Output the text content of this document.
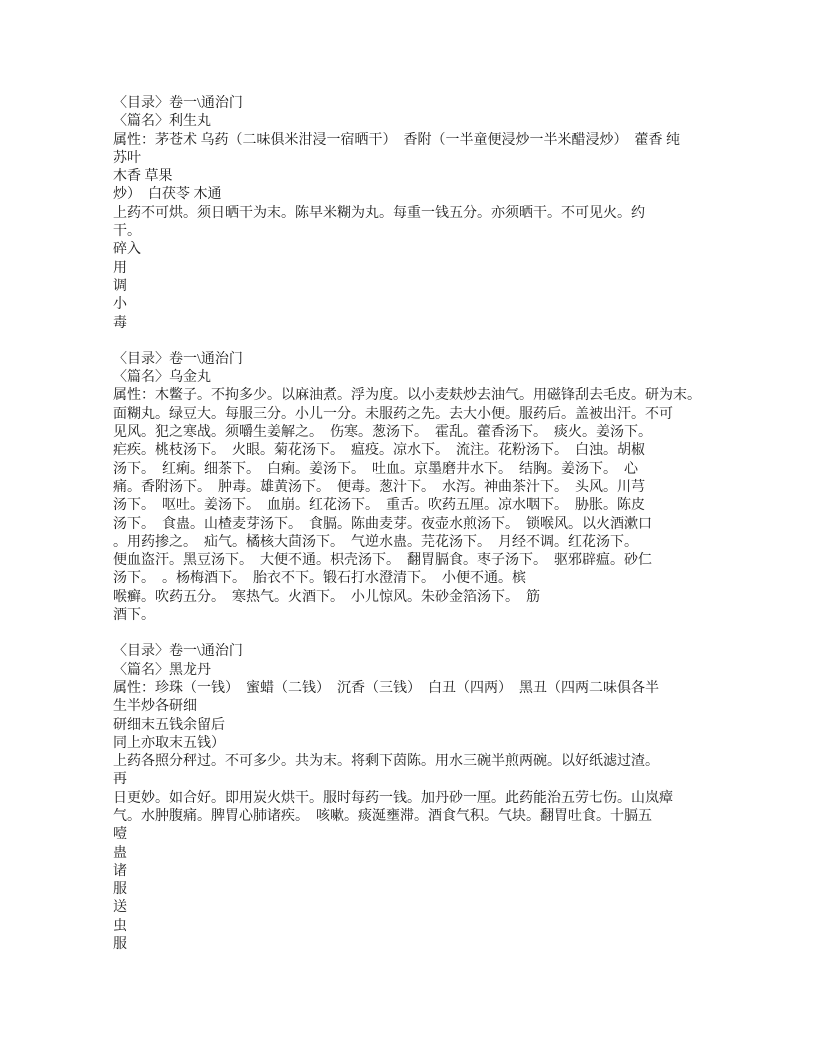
〈目录〉卷一\通治门

〈篇名〉利生丸

属性：茅苍术 乌药（二味俱米泔浸一宿晒干）  香附（一半童便浸炒一半米醋浸炒）  藿香 纯

苏叶

木香 草果

炒）  白茯苓 木通

上药不可烘。须日晒干为末。陈早米糊为丸。每重一钱五分。亦须晒干。不可见火。约

干。

碎入

用

调

小

毒

〈目录〉卷一\通治门

〈篇名〉乌金丸

属性：木鳖子。不拘多少。以麻油煮。浮为度。以小麦麸炒去油气。用磁锋刮去毛皮。研为末。

面糊丸。绿豆大。每服三分。小儿一分。未服药之先。去大小便。服药后。盖被出汗。不可

见风。犯之寒战。须嚼生姜解之。  伤寒。葱汤下。  霍乱。藿香汤下。  痰火。姜汤下。

疟疾。桃枝汤下。  火眼。菊花汤下。  瘟疫。凉水下。  流注。花粉汤下。  白浊。胡椒

汤下。  红痢。细茶下。  白痢。姜汤下。  吐血。京墨磨井水下。  结胸。姜汤下。  心

痛。香附汤下。  肿毒。雄黄汤下。  便毒。葱汁下。  水泻。神曲茶汁下。  头风。川芎

汤下。  呕吐。姜汤下。  血崩。红花汤下。  重舌。吹药五厘。凉水咽下。  胁胀。陈皮

汤下。  食蛊。山楂麦芽汤下。  食膈。陈曲麦芽。夜壶水煎汤下。  锁喉风。以火酒漱口

。用药掺之。  疝气。橘核大茴汤下。  气逆水蛊。芫花汤下。  月经不调。红花汤下。

便血盗汗。黑豆汤下。  大便不通。枳壳汤下。  翻胃膈食。枣子汤下。  驱邪辟瘟。砂仁

汤下。  。杨梅酒下。  胎衣不下。锻石打水澄清下。  小便不通。槟

喉癣。吹药五分。  寒热气。火酒下。  小儿惊风。朱砂金箔汤下。  筋

酒下。

〈目录〉卷一\通治门

〈篇名〉黑龙丹

属性：珍珠（一钱）  蜜蜡（二钱）  沉香（三钱）  白丑（四两）  黑丑（四两二味俱各半

生半炒各研细

研细末五钱余留后

同上亦取末五钱）

上药各照分秤过。不可多少。共为末。将剩下茵陈。用水三碗半煎两碗。以好纸滤过渣。

再

日更妙。如合好。即用炭火烘干。服时每药一钱。加丹砂一厘。此药能治五劳七伤。山岚瘴

气。水肿腹痛。脾胃心肺诸疾。  咳嗽。痰涎壅滞。酒食气积。气块。翻胃吐食。十膈五

噎

蛊

诸

服

送

虫

服
